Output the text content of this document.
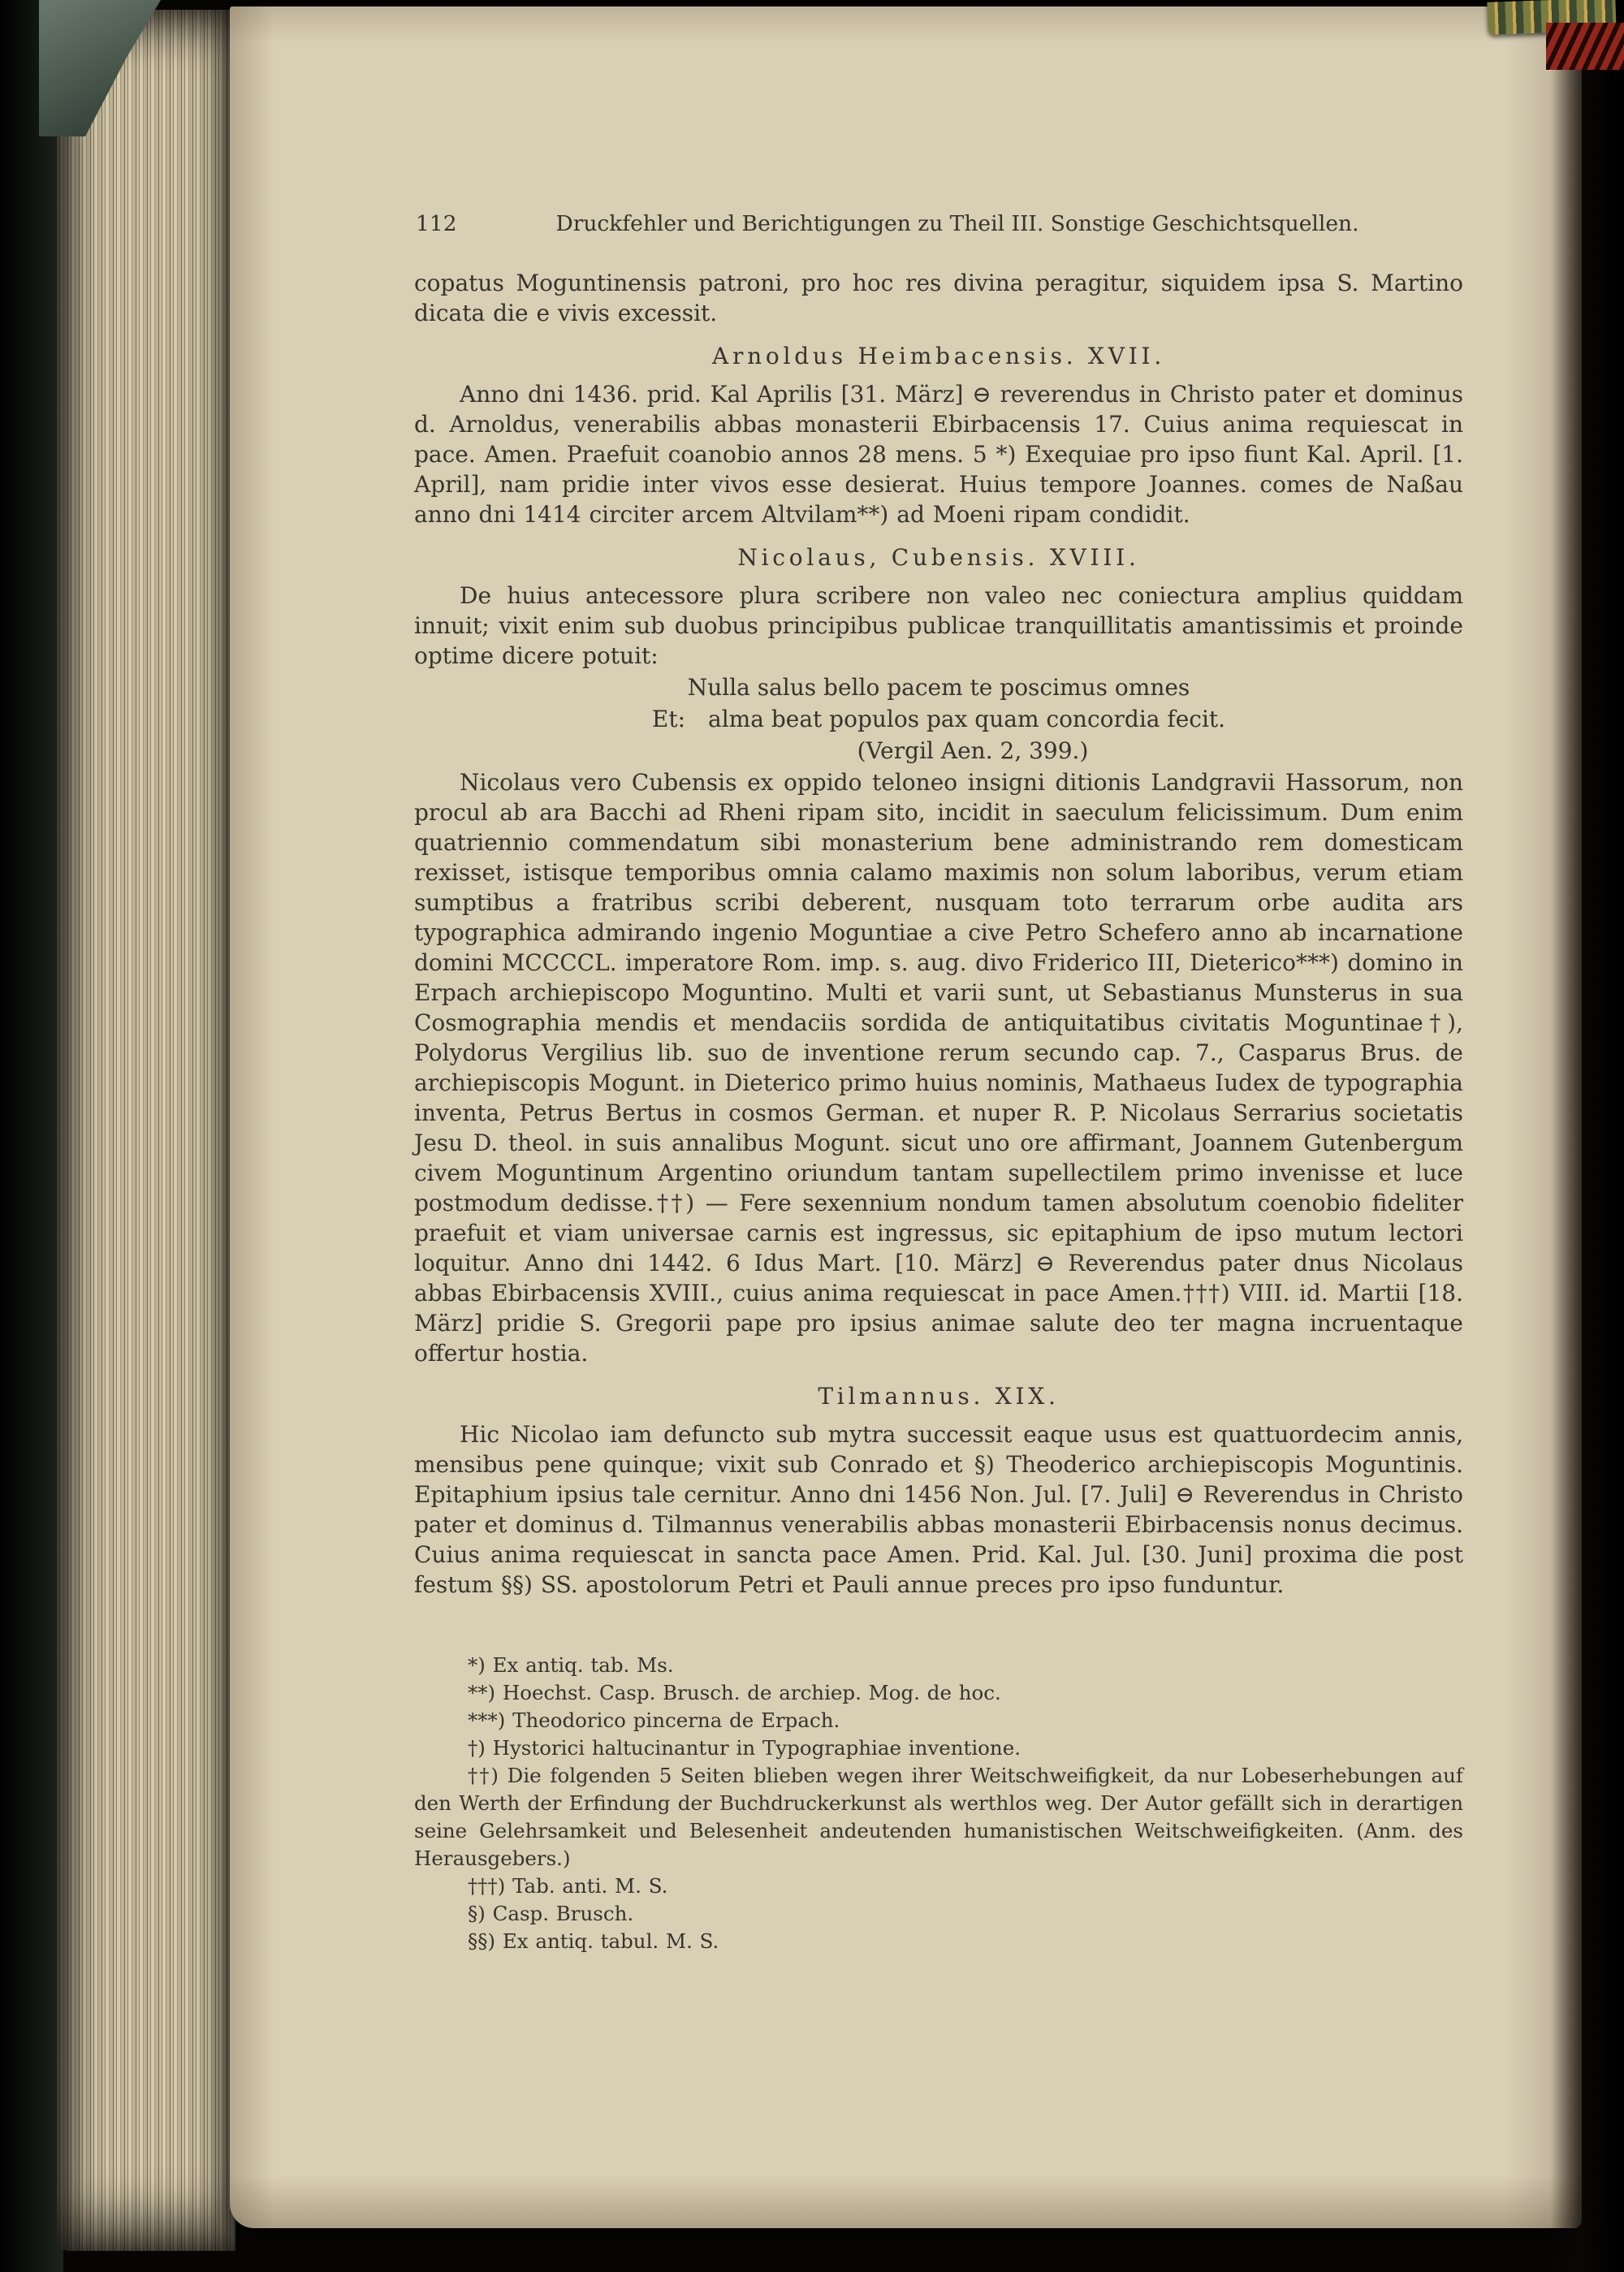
112	Druckfehler und Berichtigungen zu Theil III. Sonstige Geschichtsquellen.

copatus Moguntinensis patroni, pro hoc res divina peragitur, siquidem ipsa S. Martino dicata die e vivis excessit.

Arnoldus Heimbacensis. XVII.

Anno dni 1436. prid. Kal Aprilis [31. März] ⊖ reverendus in Christo pater et dominus d. Arnoldus, venerabilis abbas monasterii Ebirbacensis 17. Cuius anima requiescat in pace. Amen. Praefuit coanobio annos 28 mens. 5 *) Exequiae pro ipso fiunt Kal. April. [1. April], nam pridie inter vivos esse desierat. Huius tempore Joannes. comes de Naßau anno dni 1414 circiter arcem Altvilam**) ad Moeni ripam condidit.

Nicolaus, Cubensis. XVIII.

De huius antecessore plura scribere non valeo nec coniectura amplius quiddam innuit; vixit enim sub duobus principibus publicae tranquillitatis amantissimis et proinde optime dicere potuit:

Nulla salus bello pacem te poscimus omnes
Et:  alma beat populos pax quam concordia fecit.
(Vergil Aen. 2, 399.)

Nicolaus vero Cubensis ex oppido teloneo insigni ditionis Landgravii Hassorum, non procul ab ara Bacchi ad Rheni ripam sito, incidit in saeculum felicissimum. Dum enim quatriennio commendatum sibi monasterium bene administrando rem domesticam rexisset, istisque temporibus omnia calamo maximis non solum laboribus, verum etiam sumptibus a fratribus scribi deberent, nusquam toto terrarum orbe audita ars typographica admirando ingenio Moguntiae a cive Petro Schefero anno ab incarnatione domini MCCCCL. imperatore Rom. imp. s. aug. divo Friderico III, Dieterico***) domino in Erpach archiepiscopo Moguntino. Multi et varii sunt, ut Sebastianus Munsterus in sua Cosmographia mendis et mendaciis sordida de antiquitatibus civitatis Moguntinae†), Polydorus Vergilius lib. suo de inventione rerum secundo cap. 7., Casparus Brus. de archiepiscopis Mogunt. in Dieterico primo huius nominis, Mathaeus Iudex de typographia inventa, Petrus Bertus in cosmos German. et nuper R. P. Nicolaus Serrarius societatis Jesu D. theol. in suis annalibus Mogunt. sicut uno ore affirmant, Joannem Gutenbergum civem Moguntinum Argentino oriundum tantam supellectilem primo invenisse et luce postmodum dedisse.††) — Fere sexennium nondum tamen absolutum coenobio fideliter praefuit et viam universae carnis est ingressus, sic epitaphium de ipso mutum lectori loquitur. Anno dni 1442. 6 Idus Mart. [10. März] ⊖ Reverendus pater dnus Nicolaus abbas Ebirbacensis XVIII., cuius anima requiescat in pace Amen.†††) VIII. id. Martii [18. März] pridie S. Gregorii pape pro ipsius animae salute deo ter magna incruentaque offertur hostia.

Tilmannus. XIX.

Hic Nicolao iam defuncto sub mytra successit eaque usus est quattuordecim annis, mensibus pene quinque; vixit sub Conrado et §) Theoderico archiepiscopis Moguntinis. Epitaphium ipsius tale cernitur. Anno dni 1456 Non. Jul. [7. Juli] ⊖ Reverendus in Christo pater et dominus d. Tilmannus venerabilis abbas monasterii Ebirbacensis nonus decimus. Cuius anima requiescat in sancta pace Amen. Prid. Kal. Jul. [30. Juni] proxima die post festum §§) SS. apostolorum Petri et Pauli annue preces pro ipso funduntur.

*) Ex antiq. tab. Ms.

**) Hoechst. Casp. Brusch. de archiep. Mog. de hoc.

***) Theodorico pincerna de Erpach.

†) Hystorici haltucinantur in Typographiae inventione.

††) Die folgenden 5 Seiten blieben wegen ihrer Weitschweifigkeit, da nur Lobeserhebungen auf den Werth der Erfindung der Buchdruckerkunst als werthlos weg. Der Autor gefällt sich in derartigen seine Gelehrsamkeit und Belesenheit andeutenden humanistischen Weitschweifigkeiten. (Anm. des Herausgebers.)

†††) Tab. anti. M. S.

§) Casp. Brusch.

§§) Ex antiq. tabul. M. S.
